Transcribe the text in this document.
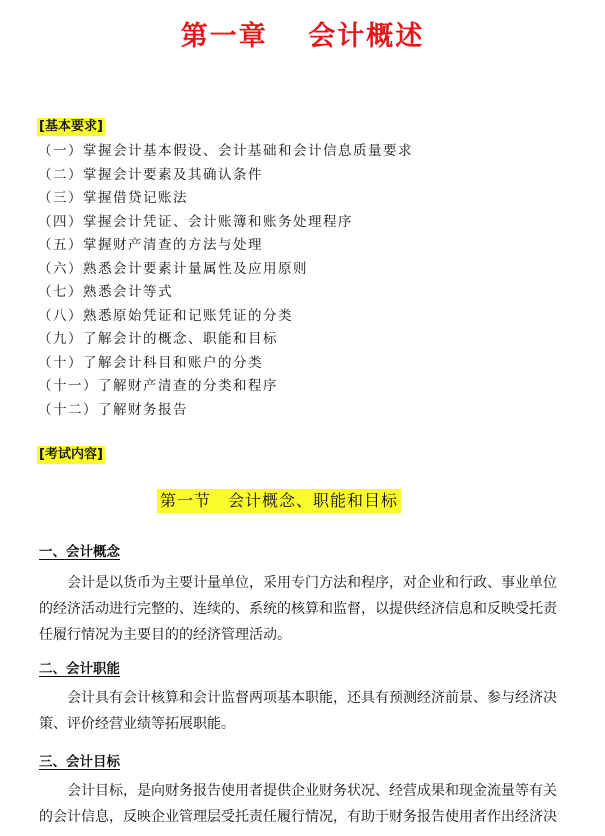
第一章　 会计概述
[基本要求]
（一）掌握会计基本假设、会计基础和会计信息质量要求
（二）掌握会计要素及其确认条件
（三）掌握借贷记账法
（四）掌握会计凭证、会计账簿和账务处理程序
（五）掌握财产清查的方法与处理
（六）熟悉会计要素计量属性及应用原则
（七）熟悉会计等式
（八）熟悉原始凭证和记账凭证的分类
（九）了解会计的概念、职能和目标
（十）了解会计科目和账户的分类
（十一）了解财产清查的分类和程序
（十二）了解财务报告
[考试内容]
第一节　会计概念、职能和目标
一、会计概念

会计是以货币为主要计量单位，采用专门方法和程序，对企业和行政、事业单位
的经济活动进行完整的、连续的、系统的核算和监督，以提供经济信息和反映受托责
任履行情况为主要目的的经济管理活动。

二、会计职能

会计具有会计核算和会计监督两项基本职能，还具有预测经济前景、参与经济决
策、评价经营业绩等拓展职能。

三、会计目标

会计目标，是向财务报告使用者提供企业财务状况、经营成果和现金流量等有关
的会计信息，反映企业管理层受托责任履行情况，有助于财务报告使用者作出经济决
